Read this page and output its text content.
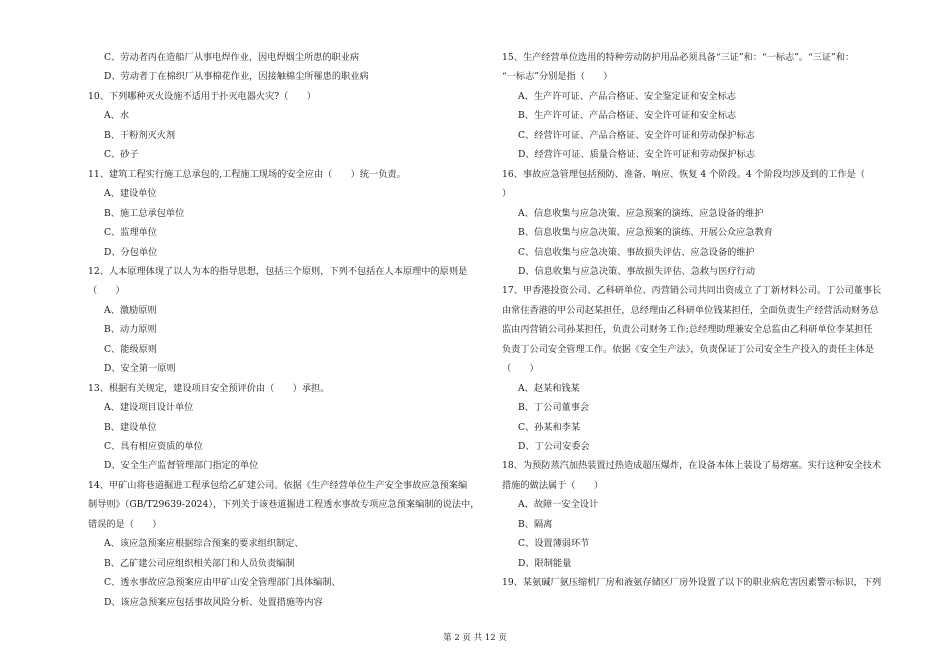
C、劳动者丙在造船厂从事电焊作业，因电焊烟尘所患的职业病
D、劳动者丁在棉织厂从事棉花作业，因接触棉尘所罹患的职业病
10、下列哪种灭火设施不适用于扑灭电器火灾?（　　）
A、水
B、干粉剂灭火剂
C、砂子
11、建筑工程实行施工总承包的,工程施工现场的安全应由（　　）统一负责。
A、建设单位
B、施工总承包单位
C、监理单位
D、分包单位
12、人本原理体现了以人为本的指导思想，包括三个原则，下列不包括在人本原理中的原则是
（　　）
A、激励原则
B、动力原则
C、能级原则
D、安全第一原则
13、根据有关规定，建设项目安全预评价由（　　）承担。
A、建设项目设计单位
B、建设单位
C、具有相应资质的单位
D、安全生产监督管理部门指定的单位
14、甲矿山将巷道掘进工程承包给乙矿建公司。依据《生产经营单位生产安全事故应急预案编
制导则》（GB/T29639-2024），下列关于该巷道掘进工程透水事故专项应急预案编制的说法中，
错误的是（　　）
A、该应急预案应根据综合预案的要求组织制定、
B、乙矿建公司应组织相关部门和人员负责编制
C、透水事故应急预案应由甲矿山安全管理部门具体编制、
D、该应急预案应包括事故风险分析、处置措施等内容
15、生产经营单位选用的特种劳动防护用品必须具备“三证”和：“一标志”。“三证”和：
“一标志”分别是指（　　）
A、生产许可证、产品合格证、安全鉴定证和安全标志
B、生产许可证、产品合格证、安全许可证和安全标志
C、经营许可证、产品合格证、安全许可证和劳动保护标志
D、经营许可证、质量合格证、安全许可证和劳动保护标志
16、事故应急管理包括预防、准备、响应、恢复 4 个阶段。4 个阶段均涉及到的工作是（
）
A、信息收集与应急决策、应急预案的演练、应急设备的维护
B、信息收集与应急决策、应急预案的演练、开展公众应急教育
C、信息收集与应急决策、事故损失评估、应急设备的维护
D、信息收集与应急决策、事故损失评估、急救与医疗行动
17、甲香港投资公司、乙科研单位、丙营销公司共同出资成立了丁新材料公司。丁公司董事长
由常住香港的甲公司赵某担任，总经理由乙科研单位钱某担任，全面负责生产经营活动财务总
监由丙营销公司孙某担任，负责公司财务工作;总经理助理兼安全总监由乙科研单位李某担任
负责丁公司安全管理工作。依据《安全生产法》，负责保证丁公司安全生产投入的责任主体是
（　　）
A、赵某和钱某
B、丁公司董事会
C、孙某和李某
D、丁公司安委会
18、为预防蒸汽加热装置过热造成超压爆炸，在设备本体上装设了易熔塞。实行这种安全技术
措施的做法属于（　　）
A、故障一安全设计
B、隔离
C、设置薄弱环节
D、限制能量
19、某氨碱厂氨压缩机厂房和液氨存储区厂房外设置了以下的职业病危害因素警示标识，下列
第 2 页 共 12 页
